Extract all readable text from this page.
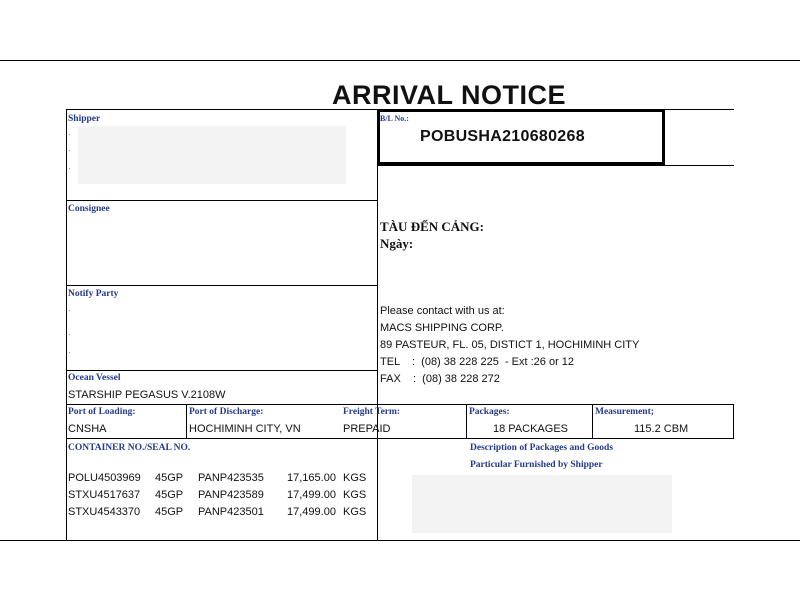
ARRIVAL NOTICE
Shipper
·
·
·
Consignee
Notify Party
·
·
·
Ocean Vessel
STARSHIP PEGASUS V.2108W
B/L No.:
POBUSHA210680268
TÀU ĐẾN CẢNG:
Ngày:
Please contact with us at:
MACS SHIPPING CORP.
89 PASTEUR, FL. 05, DISTICT 1, HOCHIMINH CITY
TEL    :  (08) 38 228 225  - Ext :26 or 12
FAX    :  (08) 38 228 272
Port of Loading:
CNSHA
Port of Discharge:
HOCHIMINH CITY, VN
Freight Term:
PREPAID
Packages:
18 PACKAGES
Measurement;
115.2 CBM
CONTAINER NO./SEAL NO.	Description of Packages and Goods
Particular Furnished by Shipper
POLU4503969 45GP PANP423535 17,165.00 KGS
STXU4517637 45GP PANP423589 17,499.00 KGS
STXU4543370 45GP PANP423501 17,499.00 KGS
